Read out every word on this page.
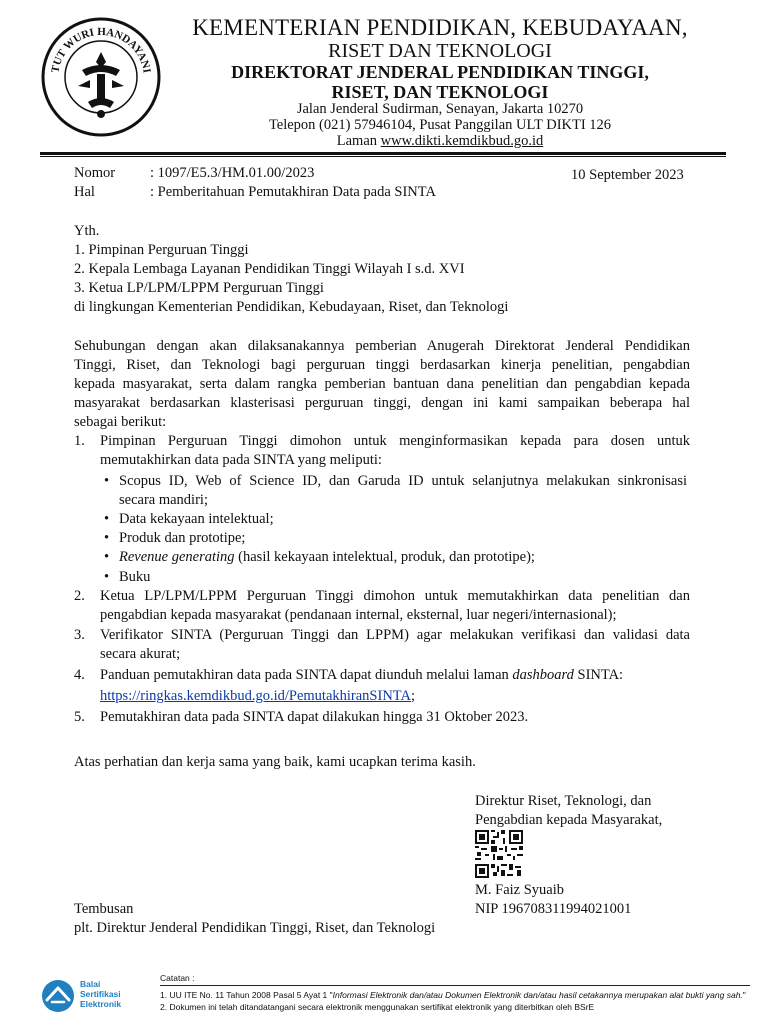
TUT WURI HANDAYANI
KEMENTERIAN PENDIDIKAN, KEBUDAYAAN,
RISET DAN TEKNOLOGI
DIREKTORAT JENDERAL PENDIDIKAN TINGGI,
RISET, DAN TEKNOLOGI
Jalan Jenderal Sudirman, Senayan, Jakarta 10270
Telepon (021) 57946104, Pusat Panggilan ULT DIKTI 126
Laman www.dikti.kemdikbud.go.id
Nomor : 1097/E5.3/HM.01.00/2023	10 September 2023
Hal	: Pemberitahuan Pemutakhiran Data pada SINTA
Yth.
1. Pimpinan Perguruan Tinggi
2. Kepala Lembaga Layanan Pendidikan Tinggi Wilayah I s.d. XVI
3. Ketua LP/LPM/LPPM Perguruan Tinggi
di lingkungan Kementerian Pendidikan, Kebudayaan, Riset, dan Teknologi
Sehubungan dengan akan dilaksanakannya pemberian Anugerah Direktorat Jenderal Pendidikan
Tinggi, Riset, dan Teknologi bagi perguruan tinggi berdasarkan kinerja penelitian, pengabdian
kepada masyarakat, serta dalam rangka pemberian bantuan dana penelitian dan pengabdian kepada
masyarakat berdasarkan klasterisasi perguruan tinggi, dengan ini kami sampaikan beberapa hal
sebagai berikut:
1. Pimpinan Perguruan Tinggi dimohon untuk menginformasikan kepada para dosen untuk
memutakhirkan data pada SINTA yang meliputi:
• Scopus ID, Web of Science ID, dan Garuda ID untuk selanjutnya melakukan sinkronisasi
secara mandiri;
• Data kekayaan intelektual;
• Produk dan prototipe;
• Revenue generating (hasil kekayaan intelektual, produk, dan prototipe);
• Buku
2. Ketua LP/LPM/LPPM Perguruan Tinggi dimohon untuk memutakhirkan data penelitian dan
pengabdian kepada masyarakat (pendanaan internal, eksternal, luar negeri/internasional);
3. Verifikator SINTA (Perguruan Tinggi dan LPPM) agar melakukan verifikasi dan validasi data
secara akurat;
4. Panduan pemutakhiran data pada SINTA dapat diunduh melalui laman dashboard SINTA:
https://ringkas.kemdikbud.go.id/PemutakhiranSINTA;
5. Pemutakhiran data pada SINTA dapat dilakukan hingga 31 Oktober 2023.
Atas perhatian dan kerja sama yang baik, kami ucapkan terima kasih.
Direktur Riset, Teknologi, dan
Pengabdian kepada Masyarakat,
M. Faiz Syuaib
NIP 196708311994021001
Tembusan
plt. Direktur Jenderal Pendidikan Tinggi, Riset, dan Teknologi
Balai
Sertifikasi
Elektronik
Catatan :
1. UU ITE No. 11 Tahun 2008 Pasal 5 Ayat 1 "Informasi Elektronik dan/atau Dokumen Elektronik dan/atau hasil cetakannya merupakan alat bukti yang sah."
2. Dokumen ini telah ditandatangani secara elektronik menggunakan sertifikat elektronik yang diterbitkan oleh BSrE
